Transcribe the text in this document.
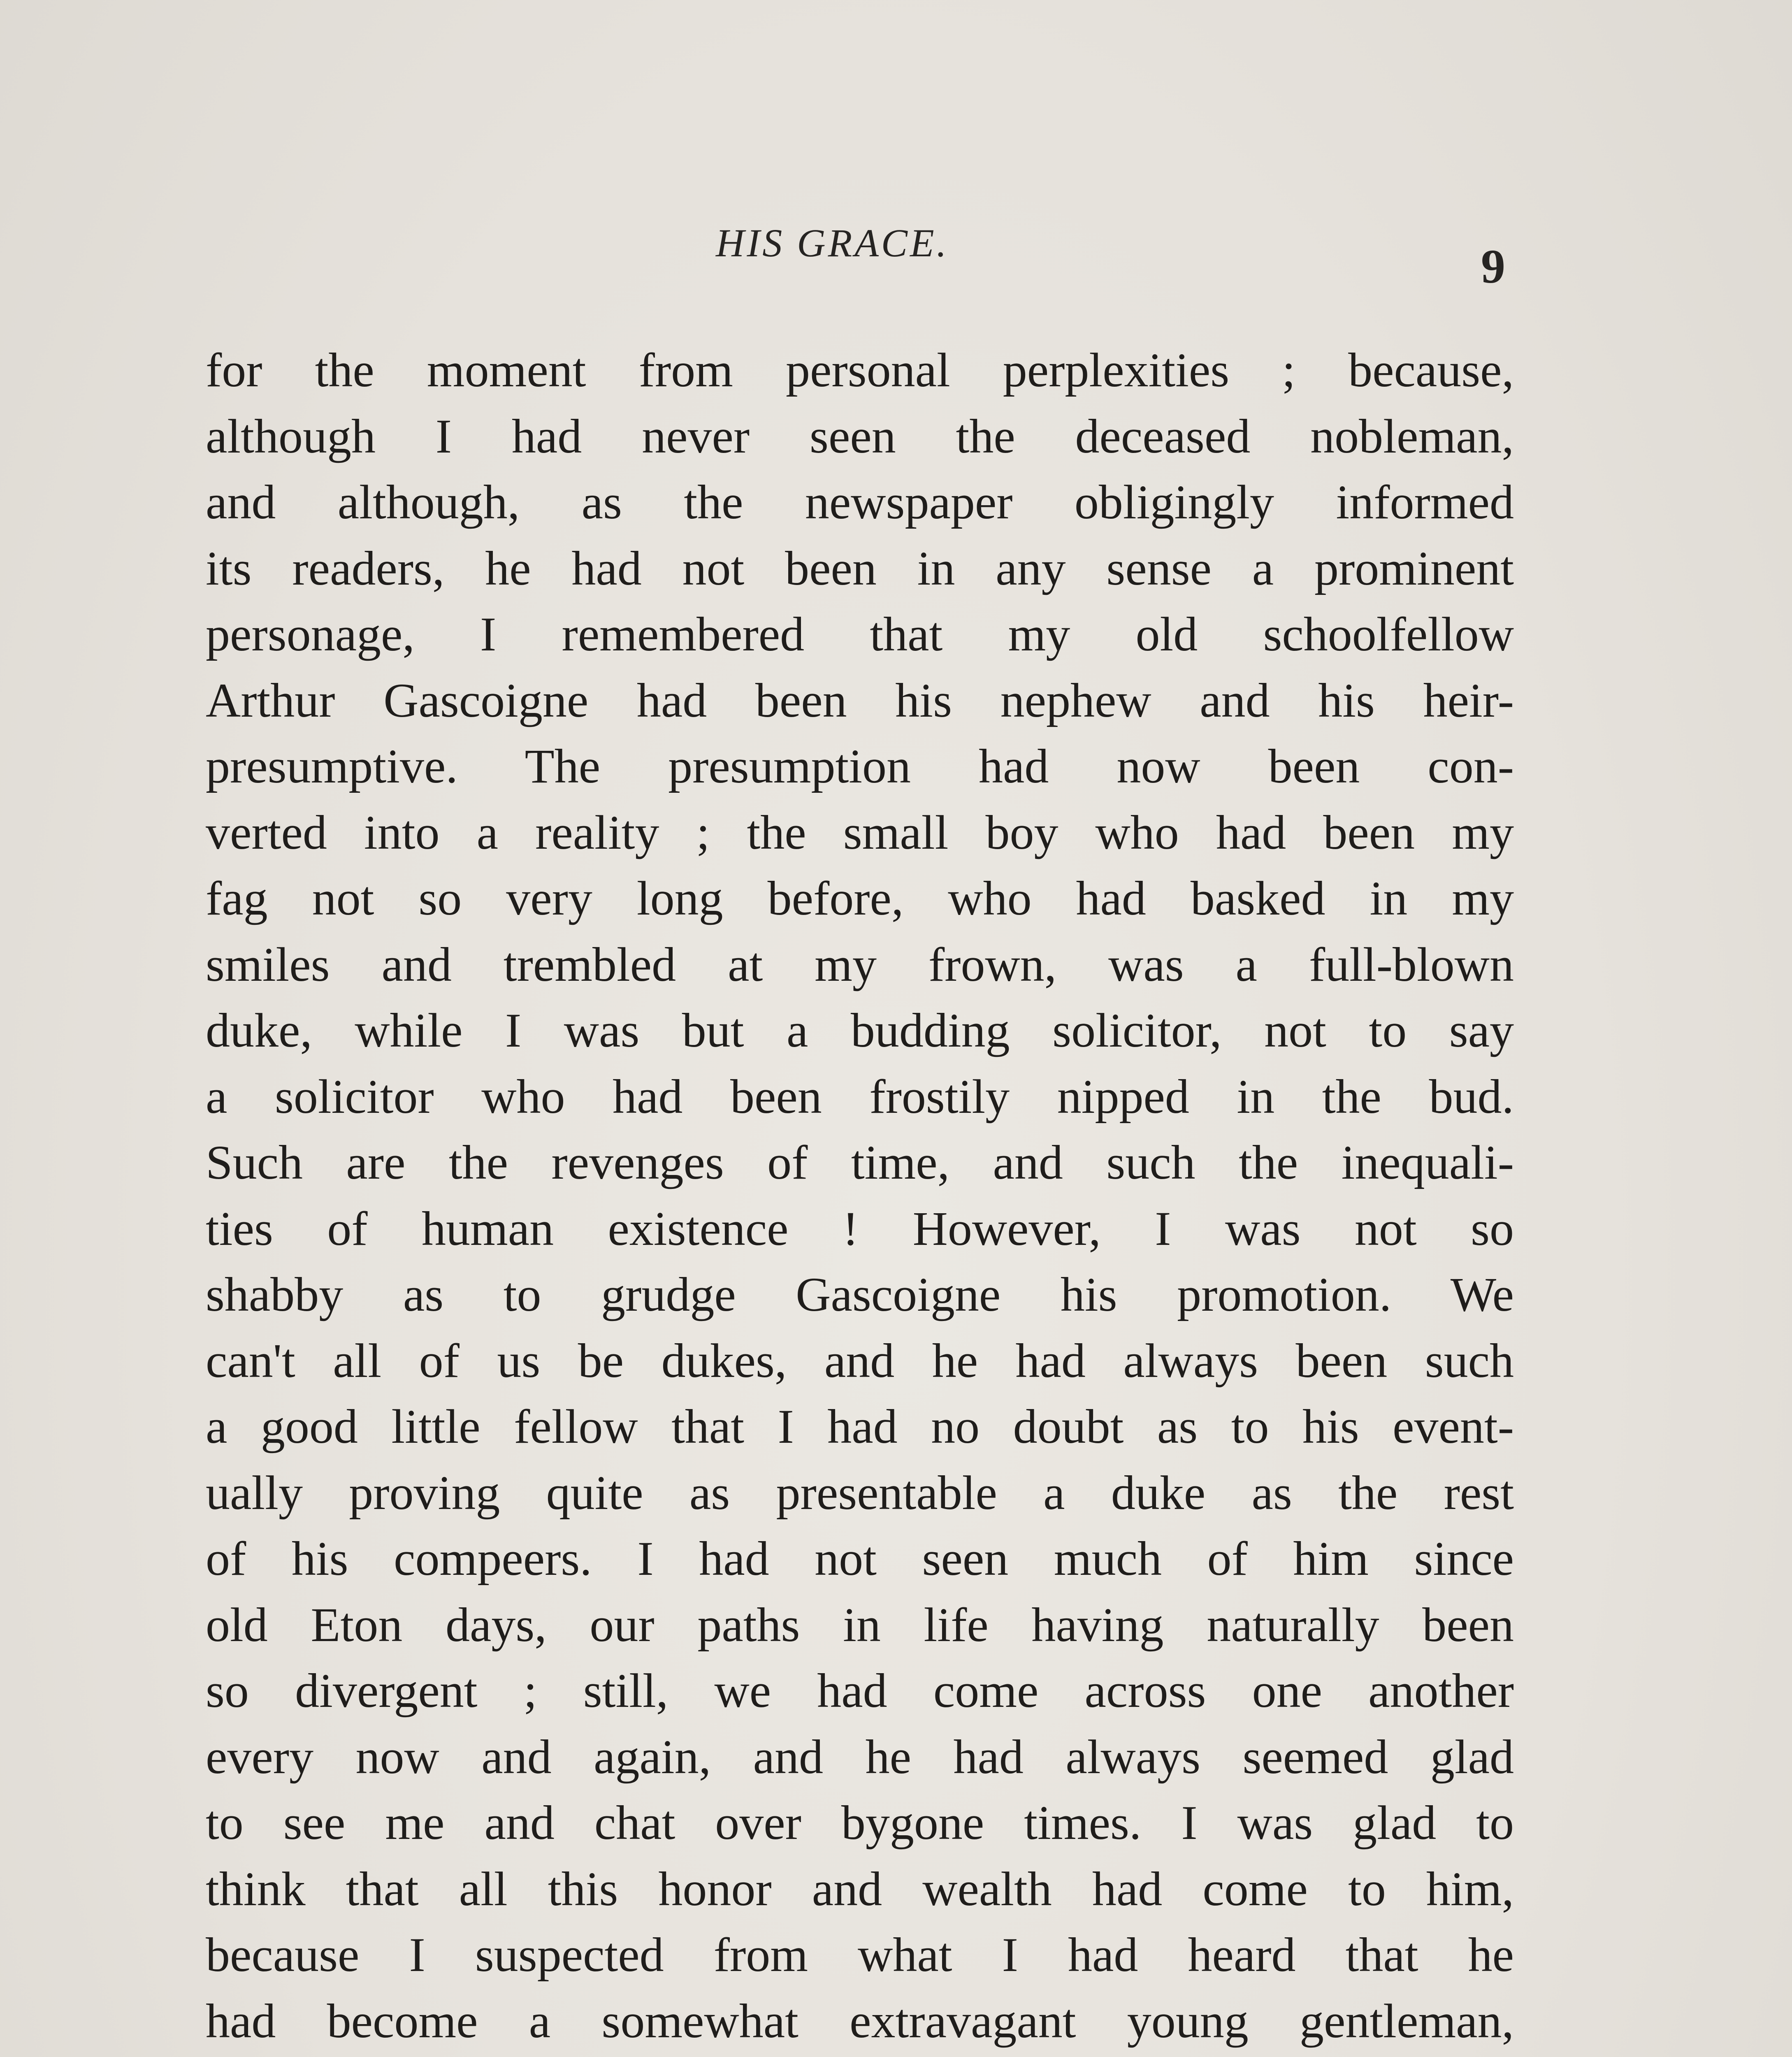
HIS GRACE.	9
for the moment from personal perplexities ; because,
although I had never seen the deceased nobleman,
and although, as the newspaper obligingly informed
its readers, he had not been in any sense a prominent
personage, I remembered that my old schoolfellow
Arthur Gascoigne had been his nephew and his heir-
presumptive. The presumption had now been con-
verted into a reality ; the small boy who had been my
fag not so very long before, who had basked in my
smiles and trembled at my frown, was a full-blown
duke, while I was but a budding solicitor, not to say
a solicitor who had been frostily nipped in the bud.
Such are the revenges of time, and such the inequali-
ties of human existence ! However, I was not so
shabby as to grudge Gascoigne his promotion. We
can't all of us be dukes, and he had always been such
a good little fellow that I had no doubt as to his event-
ually proving quite as presentable a duke as the rest
of his compeers. I had not seen much of him since
old Eton days, our paths in life having naturally been
so divergent ; still, we had come across one another
every now and again, and he had always seemed glad
to see me and chat over bygone times. I was glad to
think that all this honor and wealth had come to him,
because I suspected from what I had heard that he
had become a somewhat extravagant young gentleman,
